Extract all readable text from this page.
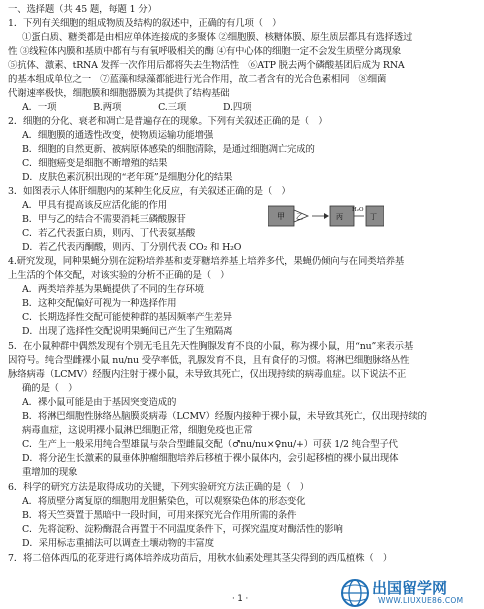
一、选择题（共 45 题，每题 1 分）
1．下列有关细胞的组成物质及结构的叙述中，正确的有几项（　）
①蛋白质、糖类都是由相应单体连接成的多聚体 ②细胞膜、核糖体膜、原生质层都具有选择透过
性 ③线粒体内膜和基质中都有与有氧呼吸相关的酶 ④有中心体的细胞一定不会发生质壁分离现象
⑤抗体、激素、tRNA 发挥一次作用后都将失去生物活性　⑥ATP 脱去两个磷酸基团后成为 RNA
的基本组成单位之一　⑦蓝藻和绿藻都能进行光合作用，故二者含有的光合色素相同　⑧细菌
代谢速率极快，细胞膜和细胞器膜为其提供了结构基础
A．一项　　　　B.两项　　　　C.三项　　　　D.四项
2．细胞的分化、衰老和凋亡是普遍存在的现象。下列有关叙述正确的是（　）
A．细胞膜的通透性改变，使物质运输功能增强
B．细胞的自然更新、被病原体感染的细胞清除，是通过细胞凋亡完成的
C．细胞癌变是细胞不断增殖的结果
D．皮肤色素沉积出现的“老年斑”是细胞分化的结果
3．如图表示人体肝细胞内的某种生化反应，有关叙述正确的是（　）
A．甲具有提高该反应活化能的作用
B．甲与乙的结合不需要消耗三磷酸腺苷
C．若乙代表蛋白质，则丙、丁代表氨基酸
D．若乙代表丙酮酸，则丙、丁分别代表 CO₂ 和 H₂O
甲 乙	丙
H₂O
丁
4.研究发现，同种果蝇分别在淀粉培养基和麦芽糖培养基上培养多代，果蝇仍倾向与在同类培养基
上生活的个体交配，对该实验的分析不正确的是（　）
A．两类培养基为果蝇提供了不同的生存环境
B．这种交配偏好可视为一种选择作用
C．长期选择性交配可能使种群的基因频率产生差异
D．出现了选择性交配说明果蝇间已产生了生殖隔离
5．在小鼠种群中偶然发现有个别无毛且先天性胸腺发育不良的小鼠，称为裸小鼠，用“nu”来表示基
因符号。纯合型雌裸小鼠 nu/nu 受孕率低，乳腺发育不良，且有食仔的习惯。将淋巴细胞脉络丛性
脉络病毒（LCMV）经腹内注射于裸小鼠，未导致其死亡，仅出现持续的病毒血症。以下说法不正
确的是（　）
A．裸小鼠可能是由于基因突变造成的
B．将淋巴细胞性脉络丛脑膜炎病毒（LCMV）经腹内接种于裸小鼠，未导致其死亡，仅出现持续的
病毒血症，这说明裸小鼠淋巴细胞正常，细胞免疫也正常
C．生产上一般采用纯合型雄鼠与杂合型雌鼠交配（♂nu/nu×♀nu/+）可获 1/2 纯合型子代
D．将分泌生长激素的鼠垂体肿瘤细胞培养后移植于裸小鼠体内，会引起移植的裸小鼠出现体
重增加的现象
6．科学的研究方法是取得成功的关键，下列实验研究方法正确的是（　）
A．将质壁分离复原的细胞用龙胆紫染色，可以观察染色体的形态变化
B．将天竺葵置于黑暗中一段时间，可用来探究光合作用所需的条件
C．先将淀粉、淀粉酶混合再置于不同温度条件下，可探究温度对酶活性的影响
D．采用标志重捕法可以调查土壤动物的丰富度
7．将二倍体西瓜的花芽进行离体培养成功苗后，用秋水仙素处理其茎尖得到的西瓜植株（　）
· 1 ·
出国留学网
WWW.LIUXUE86.COM
